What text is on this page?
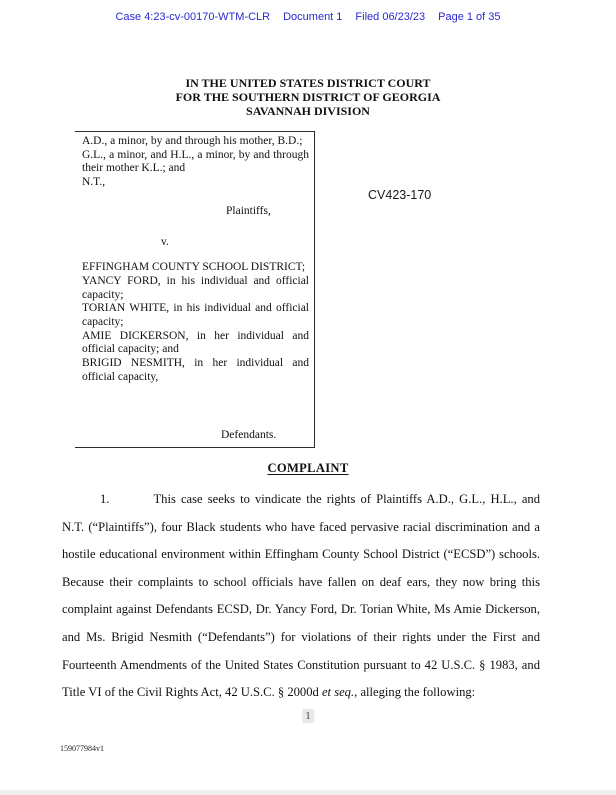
Case 4:23-cv-00170-WTM-CLR Document 1 Filed 06/23/23 Page 1 of 35
IN THE UNITED STATES DISTRICT COURT
FOR THE SOUTHERN DISTRICT OF GEORGIA
SAVANNAH DIVISION
A.D., a minor, by and through his mother, B.D.;
G.L., a minor, and H.L., a minor, by and through their mother K.L.; and
N.T.,
Plaintiffs,
v.
EFFINGHAM COUNTY SCHOOL DISTRICT;
YANCY FORD, in his individual and official capacity;
TORIAN WHITE, in his individual and official capacity;
AMIE DICKERSON, in her individual and official capacity; and
BRIGID NESMITH, in her individual and official capacity,
Defendants.
CV423-170
COMPLAINT

1.	This case seeks to vindicate the rights of Plaintiffs A.D., G.L., H.L., and N.T. (“Plaintiffs”), four Black students who have faced pervasive racial discrimination and a hostile educational environment within Effingham County School District (“ECSD”) schools. Because their complaints to school officials have fallen on deaf ears, they now bring this complaint against Defendants ECSD, Dr. Yancy Ford, Dr. Torian White, Ms Amie Dickerson, and Ms. Brigid Nesmith (“Defendants”) for violations of their rights under the First and Fourteenth Amendments of the United States Constitution pursuant to 42 U.S.C. § 1983, and Title VI of the Civil Rights Act, 42 U.S.C. § 2000d et seq., alleging the following:

1
159077984v1
